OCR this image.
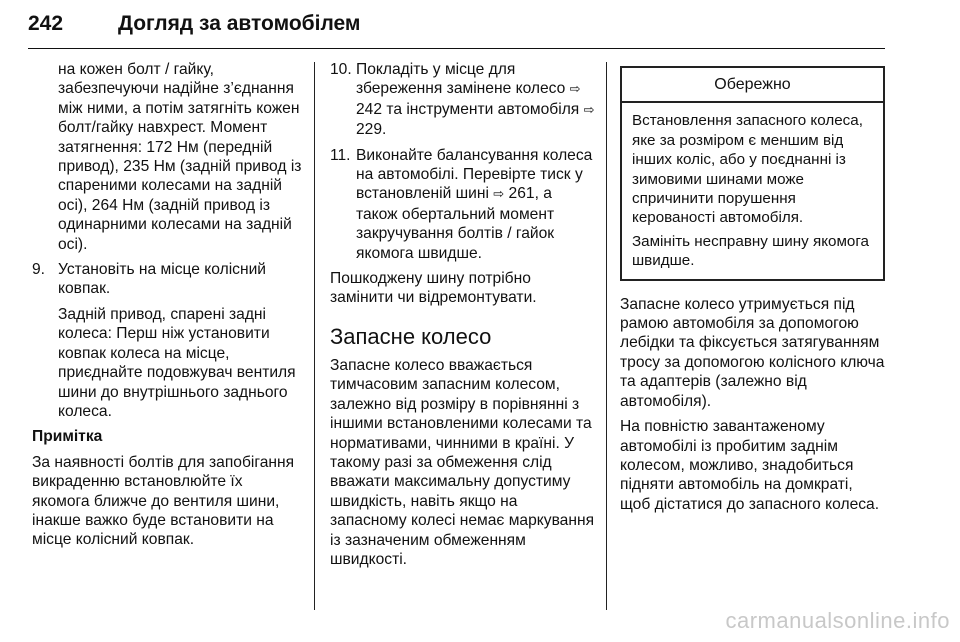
242	Догляд за автомобілем

на кожен болт / гайку, забезпечуючи надійне з’єднання між ними, а потім затягніть кожен болт/гайку навхрест. Момент затягнення: 172 Нм (передній привод), 235 Нм (задній привод із спареними колесами на задній осі), 264 Нм (задній привод із одинарними колесами на задній осі).

9. Установіть на місце колісний ковпак.

Задній привод, спарені задні колеса: Перш ніж установити ковпак колеса на місце, приєднайте подовжувач вентиля шини до внутрішнього заднього колеса.

Примітка

За наявності болтів для запобігання викраденню встановлюйте їх якомога ближче до вентиля шини, інакше важко буде встановити на місце колісний ковпак.

10. Покладіть у місце для збереження замінене колесо ⇨ 242 та інструменти автомобіля ⇨ 229.

11. Виконайте балансування колеса на автомобілі. Перевірте тиск у встановленій шині ⇨ 261, а також обертальний момент закручування болтів / гайок якомога швидше.

Пошкоджену шину потрібно замінити чи відремонтувати.

Запасне колесо

Запасне колесо вважається тимчасовим запасним колесом, залежно від розміру в порівнянні з іншими встановленими колесами та нормативами, чинними в країні. У такому разі за обмеження слід вважати максимальну допустиму швидкість, навіть якщо на запасному колесі немає маркування із зазначеним обмеженням швидкості.

Обережно

Встановлення запасного колеса, яке за розміром є меншим від інших коліс, або у поєднанні із зимовими шинами може спричинити порушення керованості автомобіля.

Замініть несправну шину якомога швидше.

Запасне колесо утримується під рамою автомобіля за допомогою лебідки та фіксується затягуванням тросу за допомогою колісного ключа та адаптерів (залежно від автомобіля).

На повністю завантаженому автомобілі із пробитим заднім колесом, можливо, знадобиться підняти автомобіль на домкраті, щоб дістатися до запасного колеса.

carmanualsonline.info
